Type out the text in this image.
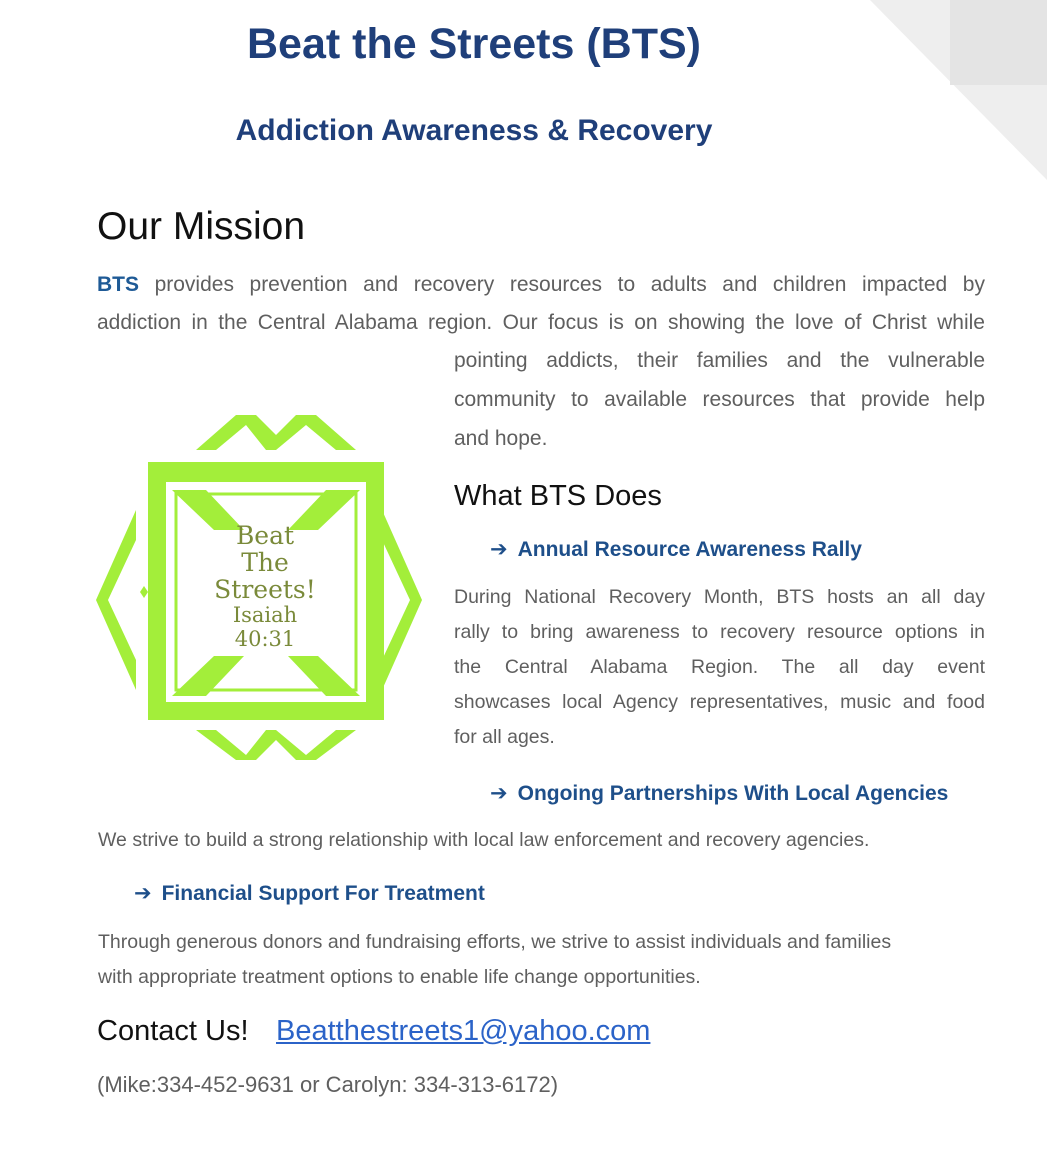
Beat the Streets (BTS)
Addiction Awareness & Recovery
Our Mission
BTS provides prevention and recovery resources to adults and children impacted by
addiction in the Central Alabama region. Our focus is on showing the love of Christ while
pointing addicts, their families and the vulnerable
community to available resources that provide help
and hope.
Beat
The
Streets!
Isaiah
40:31
What BTS Does
➔ Annual Resource Awareness Rally
During National Recovery Month, BTS hosts an all day
rally to bring awareness to recovery resource options in
the Central Alabama Region. The all day event
showcases local Agency representatives, music and food
for all ages.
➔ Ongoing Partnerships With Local Agencies
We strive to build a strong relationship with local law enforcement and recovery agencies.
➔ Financial Support For Treatment
Through generous donors and fundraising efforts, we strive to assist individuals and families
with appropriate treatment options to enable life change opportunities.
Contact Us! Beatthestreets1@yahoo.com
(Mike:334-452-9631 or Carolyn: 334-313-6172)
